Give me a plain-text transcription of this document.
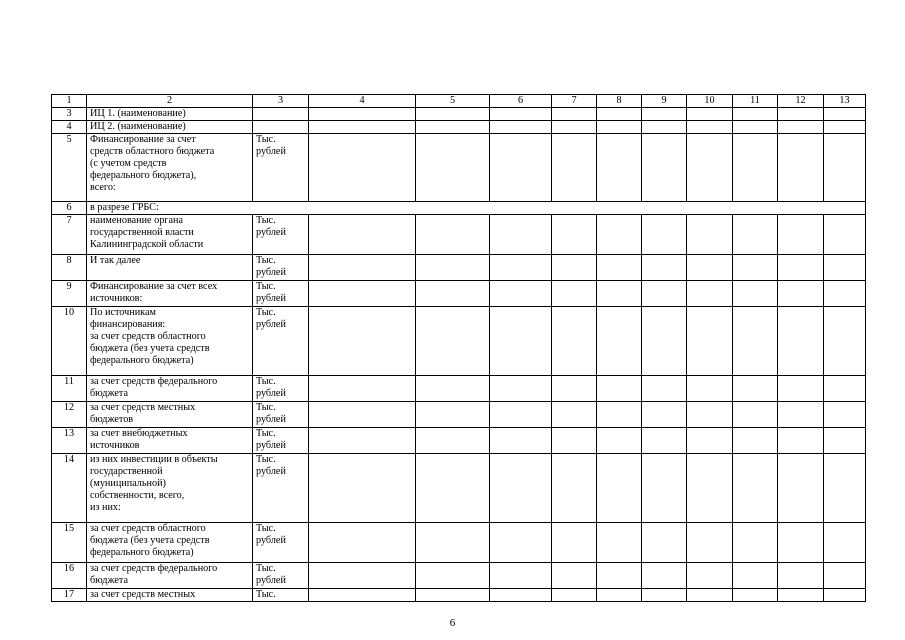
1	2	3	4	5	6	7	8	9	10	11	12	13
3	ИЦ 1. (наименование)											
4	ИЦ 2. (наименование)											
5	Финансирование за счет
средств областного бюджета
(с учетом средств
федерального бюджета),
всего:	Тыс.
рублей										
6	в разрезе ГРБС:											
7	наименование органа
государственной власти
Калининградской области	Тыс.
рублей										
8	И так далее	Тыс.
рублей										
9	Финансирование за счет всех
источников:	Тыс.
рублей										
10	По источникам
финансирования:
за счет средств областного
бюджета (без учета средств
федерального бюджета)	Тыс.
рублей										
11	за счет средств федерального
бюджета	Тыс.
рублей										
12	за счет средств местных
бюджетов	Тыс.
рублей										
13	за счет внебюджетных
источников	Тыс.
рублей										
14	из них инвестиции в объекты
государственной
(муниципальной)
собственности, всего,
из них:	Тыс.
рублей										
15	за счет средств областного
бюджета (без учета средств
федерального бюджета)	Тыс.
рублей										
16	за счет средств федерального
бюджета	Тыс.
рублей										
17	за счет средств местных	Тыс.										
6
